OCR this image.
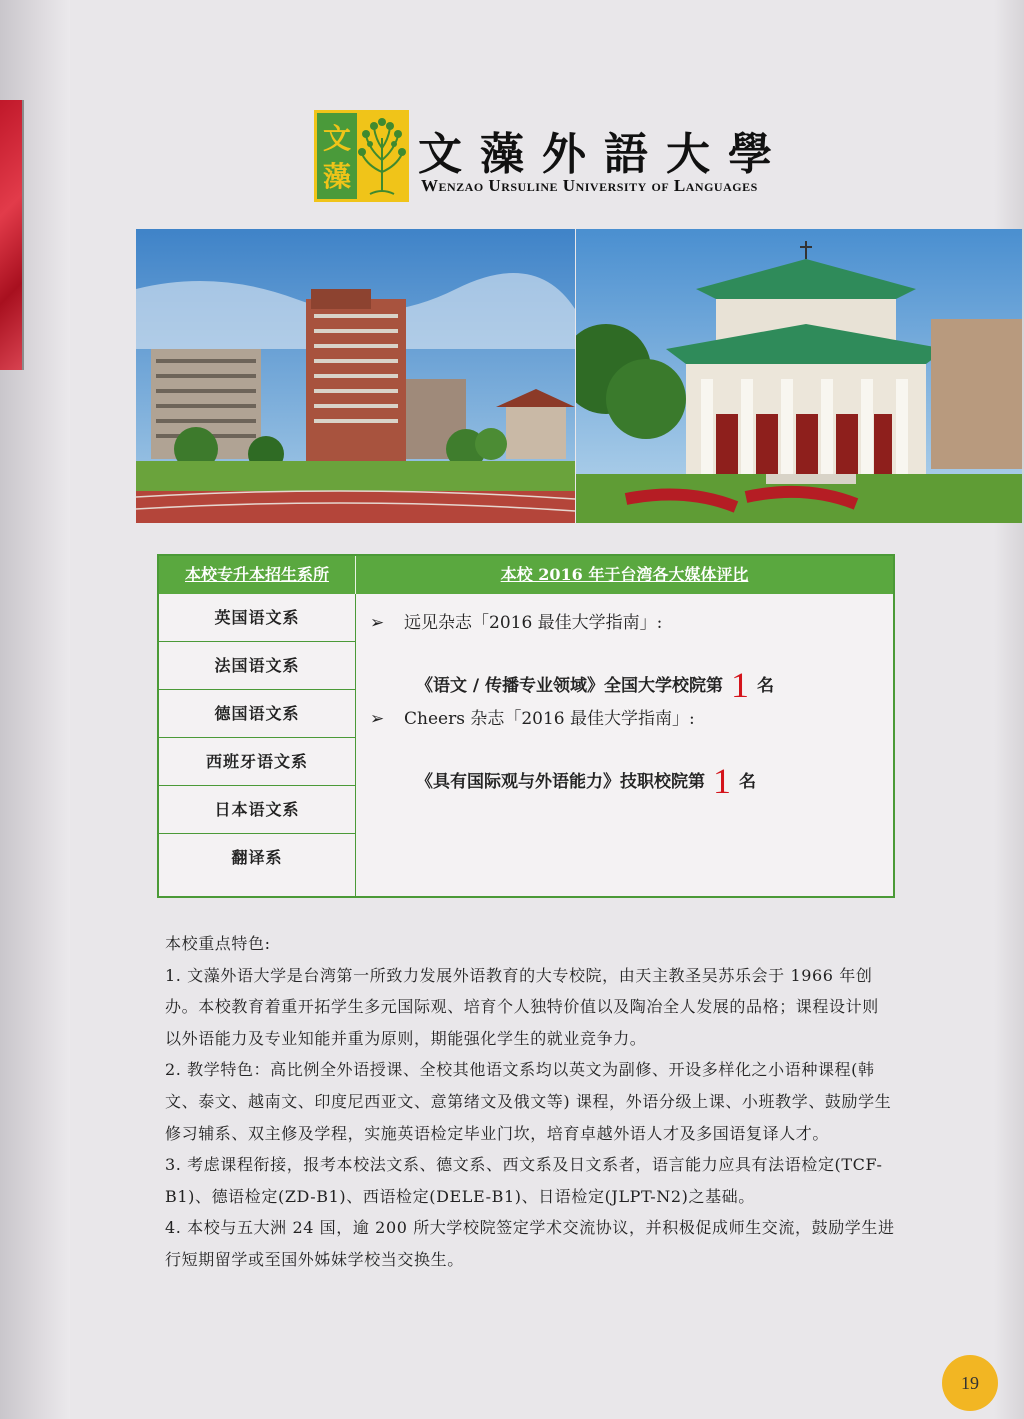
文
藻 文藻外語大學
Wenzao Ursuline University of Languages
本校专升本招生系所	本校 2016 年于台湾各大媒体评比
英国语文系
法国语文系
德国语文系
西班牙语文系
日本语文系
翻译系
➢ 远见杂志「2016 最佳大学指南」:
《语文 / 传播专业领域》全国大学校院第 1 名
➢ Cheers 杂志「2016 最佳大学指南」:
《具有国际观与外语能力》技职校院第 1 名

本校重点特色:

1. 文藻外语大学是台湾第一所致力发展外语教育的大专校院，由天主教圣吴苏乐会于 1966 年创办。本校教育着重开拓学生多元国际观、培育个人独特价值以及陶冶全人发展的品格；课程设计则以外语能力及专业知能并重为原则，期能强化学生的就业竞争力。

2. 教学特色：高比例全外语授课、全校其他语文系均以英文为副修、开设多样化之小语种课程(韩文、泰文、越南文、印度尼西亚文、意第绪文及俄文等) 课程，外语分级上课、小班教学、鼓励学生修习辅系、双主修及学程，实施英语检定毕业门坎，培育卓越外语人才及多国语复译人才。

3. 考虑课程衔接，报考本校法文系、德文系、西文系及日文系者，语言能力应具有法语检定(TCF-B1)、德语检定(ZD-B1)、西语检定(DELE-B1)、日语检定(JLPT-N2)之基础。

4. 本校与五大洲 24 国，逾 200 所大学校院签定学术交流协议，并积极促成师生交流，鼓励学生进行短期留学或至国外姊妹学校当交换生。

19
